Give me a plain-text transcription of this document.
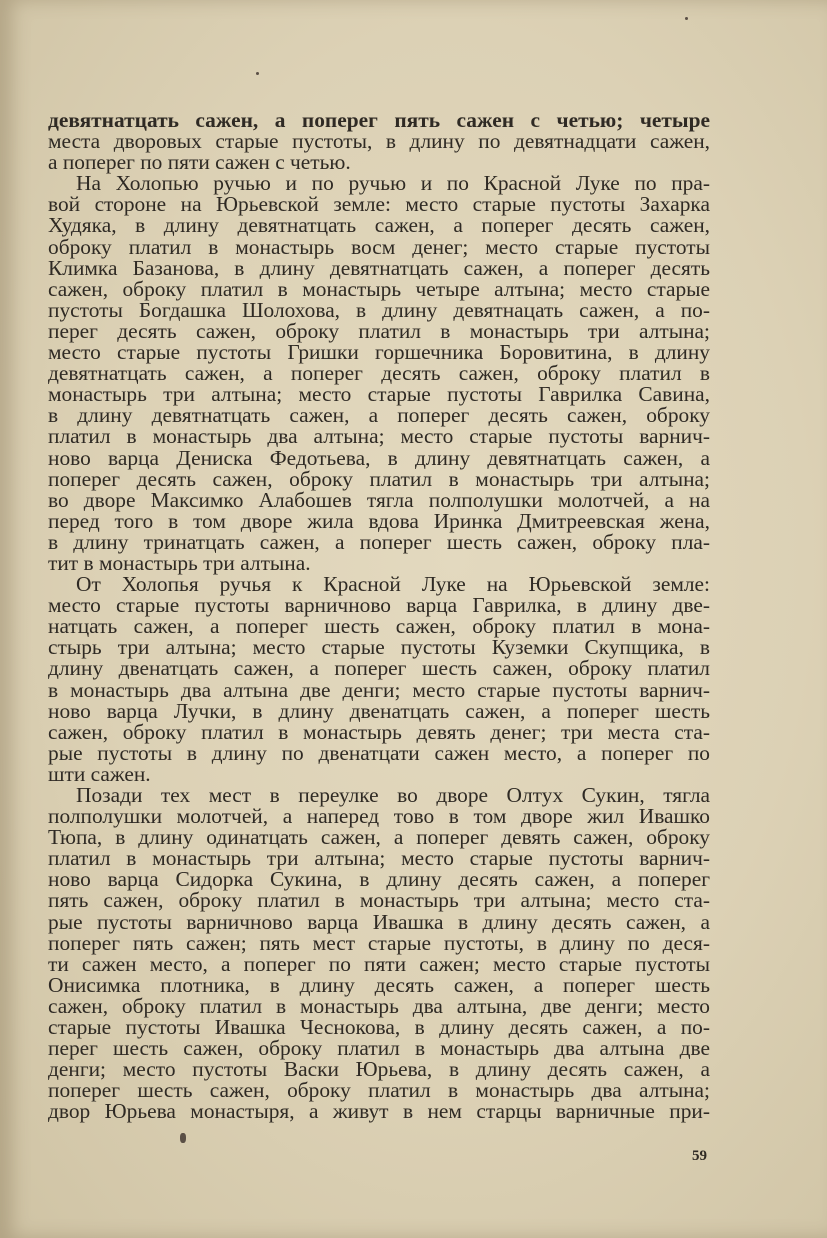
девятнатцать сажен, а поперег пять сажен с четью; четыре
места дворовых старые пустоты, в длину по девятнадцати сажен,
а поперег по пяти сажен с четью.
На Холопью ручью и по ручью и по Красной Луке по пра-
вой стороне на Юрьевской земле: место старые пустоты Захарка
Худяка, в длину девятнатцать сажен, а поперег десять сажен,
оброку платил в монастырь восм денег; место старые пустоты
Климка Базанова, в длину девятнатцать сажен, а поперег десять
сажен, оброку платил в монастырь четыре алтына; место старые
пустоты Богдашка Шолохова, в длину девятнацать сажен, а по-
перег десять сажен, оброку платил в монастырь три алтына;
место старые пустоты Гришки горшечника Боровитина, в длину
девятнатцать сажен, а поперег десять сажен, оброку платил в
монастырь три алтына; место старые пустоты Гаврилка Савина,
в длину девятнатцать сажен, а поперег десять сажен, оброку
платил в монастырь два алтына; место старые пустоты варнич-
ново варца Дениска Федотьева, в длину девятнатцать сажен, а
поперег десять сажен, оброку платил в монастырь три алтына;
во дворе Максимко Алабошев тягла полполушки молотчей, а на
перед того в том дворе жила вдова Иринка Дмитреевская жена,
в длину тринатцать сажен, а поперег шесть сажен, оброку пла-
тит в монастырь три алтына.
От Холопья ручья к Красной Луке на Юрьевской земле:
место старые пустоты варничново варца Гаврилка, в длину две-
натцать сажен, а поперег шесть сажен, оброку платил в мона-
стырь три алтына; место старые пустоты Куземки Скупщика, в
длину двенатцать сажен, а поперег шесть сажен, оброку платил
в монастырь два алтына две денги; место старые пустоты варнич-
ново варца Лучки, в длину двенатцать сажен, а поперег шесть
сажен, оброку платил в монастырь девять денег; три места ста-
рые пустоты в длину по двенатцати сажен место, а поперег по
шти сажен.
Позади тех мест в переулке во дворе Олтух Сукин, тягла
полполушки молотчей, а наперед тово в том дворе жил Ивашко
Тюпа, в длину одинатцать сажен, а поперег девять сажен, оброку
платил в монастырь три алтына; место старые пустоты варнич-
ново варца Сидорка Сукина, в длину десять сажен, а поперег
пять сажен, оброку платил в монастырь три алтына; место ста-
рые пустоты варничново варца Ивашка в длину десять сажен, а
поперег пять сажен; пять мест старые пустоты, в длину по деся-
ти сажен место, а поперег по пяти сажен; место старые пустоты
Онисимка плотника, в длину десять сажен, а поперег шесть
сажен, оброку платил в монастырь два алтына, две денги; место
старые пустоты Ивашка Чеснокова, в длину десять сажен, а по-
перег шесть сажен, оброку платил в монастырь два алтына две
денги; место пустоты Васки Юрьева, в длину десять сажен, а
поперег шесть сажен, оброку платил в монастырь два алтына;
двор Юрьева монастыря, а живут в нем старцы варничные при-
59
